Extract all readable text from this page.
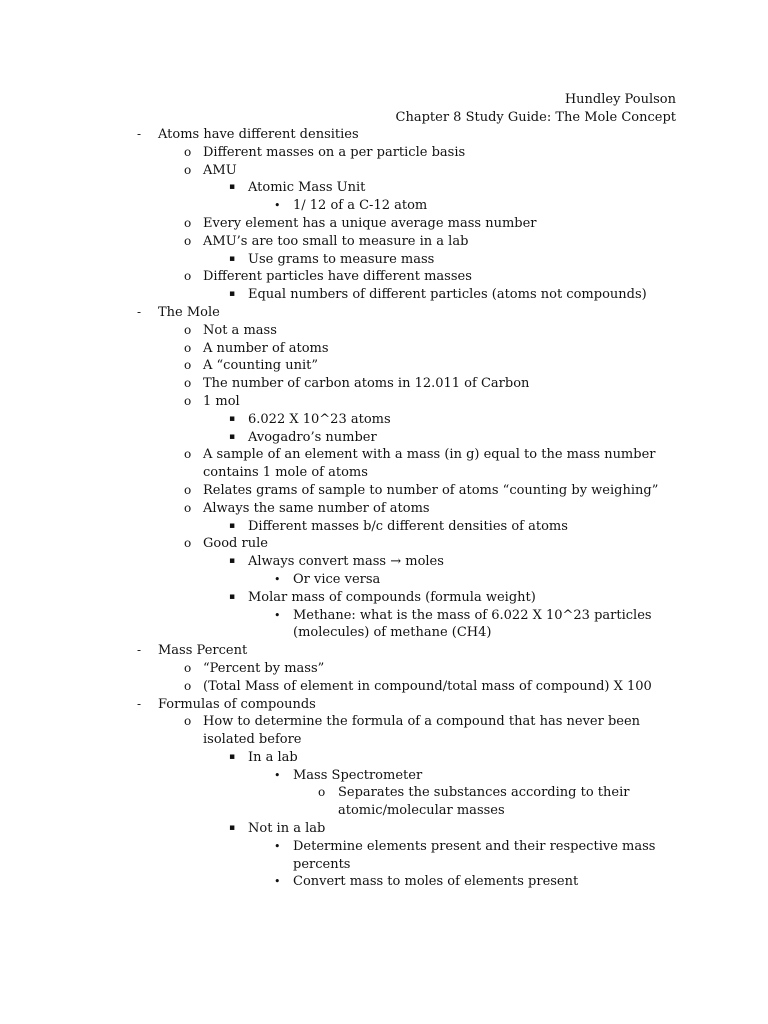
Hundley Poulson
Chapter 8 Study Guide: The Mole Concept
- Atoms have different densities
o Different masses on a per particle basis
o AMU
▪ Atomic Mass Unit
• 1/ 12 of a C-12 atom
o Every element has a unique average mass number
o AMU’s are too small to measure in a lab
▪ Use grams to measure mass
o Different particles have different masses
▪ Equal numbers of different particles (atoms not compounds)
- The Mole
o Not a mass
o A number of atoms
o A “counting unit”
o The number of carbon atoms in 12.011 of Carbon
o 1 mol
▪ 6.022 X 10^23 atoms
▪ Avogadro’s number
o A sample of an element with a mass (in g) equal to the mass number
contains 1 mole of atoms
o Relates grams of sample to number of atoms “counting by weighing”
o Always the same number of atoms
▪ Different masses b/c different densities of atoms
o Good rule
▪ Always convert mass → moles
• Or vice versa
▪ Molar mass of compounds (formula weight)
• Methane: what is the mass of 6.022 X 10^23 particles
(molecules) of methane (CH4)
- Mass Percent
o “Percent by mass”
o (Total Mass of element in compound/total mass of compound) X 100
- Formulas of compounds
o How to determine the formula of a compound that has never been
isolated before
▪ In a lab
• Mass Spectrometer
o Separates the substances according to their
atomic/molecular masses
▪ Not in a lab
• Determine elements present and their respective mass
percents
• Convert mass to moles of elements present
